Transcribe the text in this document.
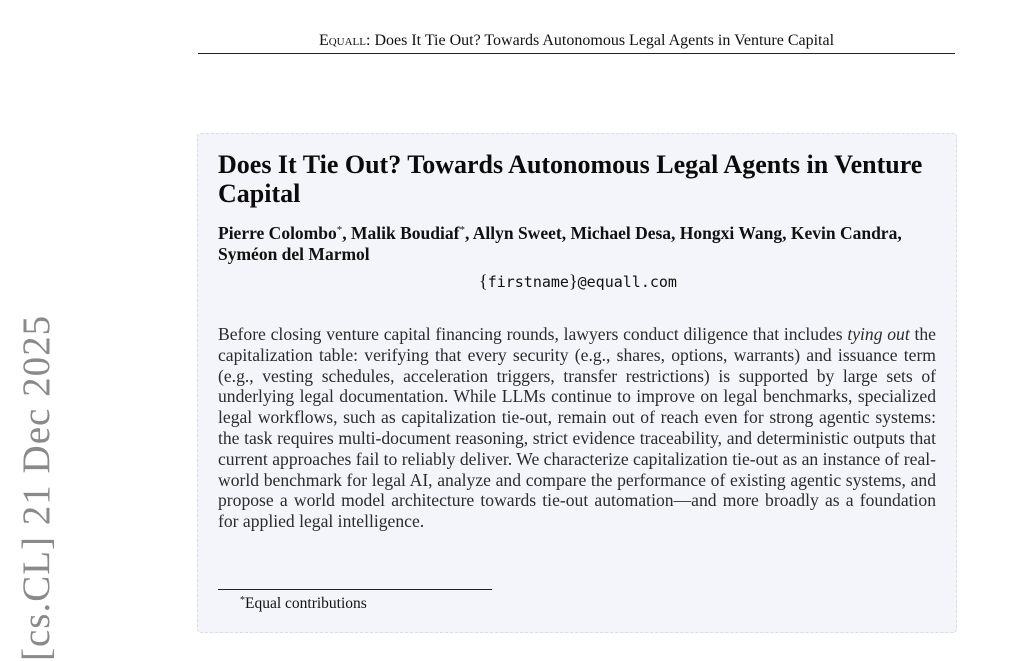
Equall: Does It Tie Out? Towards Autonomous Legal Agents in Venture Capital
[cs.CL] 21 Dec 2025
Does It Tie Out? Towards Autonomous Legal Agents in Venture Capital
Pierre Colombo*, Malik Boudiaf*, Allyn Sweet, Michael Desa, Hongxi Wang, Kevin Candra, Syméon del Marmol
{firstname}@equall.com

Before closing venture capital financing rounds, lawyers conduct diligence that includes tying out the capitalization table: verifying that every security (e.g., shares, options, warrants) and issuance term (e.g., vesting schedules, acceleration triggers, transfer restrictions) is supported by large sets of underlying legal documentation. While LLMs continue to improve on legal benchmarks, specialized legal workflows, such as capitalization tie-out, remain out of reach even for strong agentic systems: the task requires multi-document reasoning, strict evidence traceability, and deterministic outputs that current approaches fail to reliably deliver. We characterize capitalization tie-out as an instance of real-world benchmark for legal AI, analyze and compare the performance of existing agentic systems, and propose a world model architecture towards tie-out automation—and more broadly as a foundation for applied legal intelligence.

*Equal contributions
